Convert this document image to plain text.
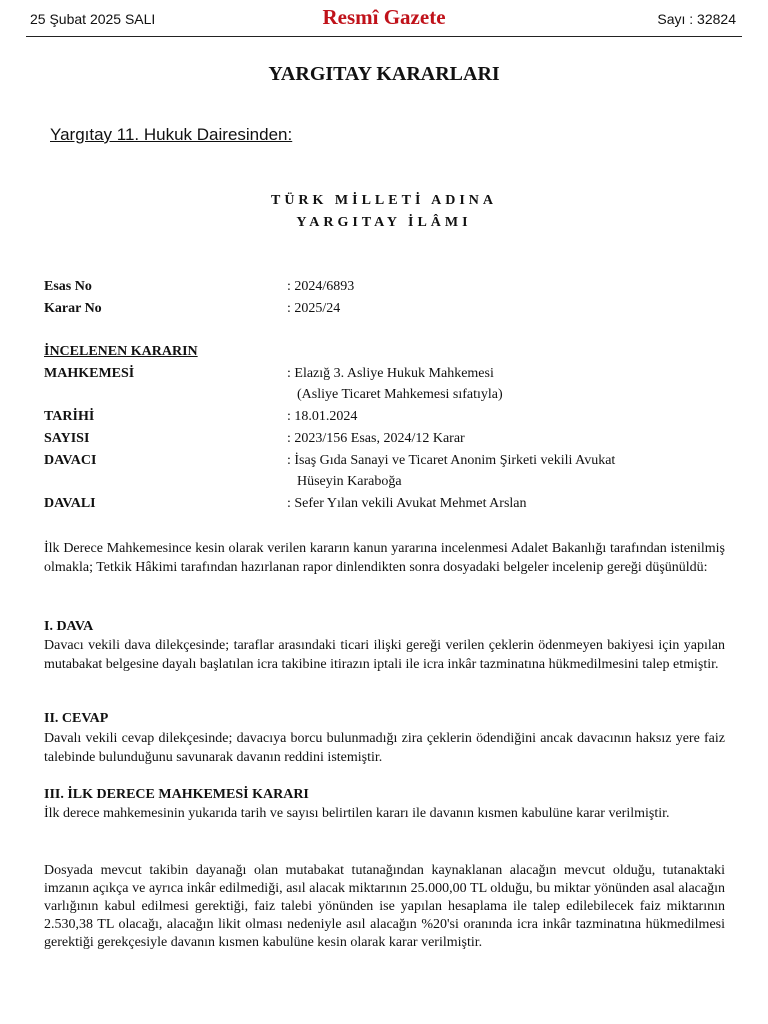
25 Şubat 2025 SALI	Resmî Gazete	Sayı : 32824
YARGITAY KARARLARI
Yargıtay 11. Hukuk Dairesinden:
TÜRK MİLLETİ ADINA
YARGITAY İLÂMI
Esas No	: 2024/6893
Karar No	: 2025/24
İNCELENEN KARARIN
MAHKEMESİ	: Elazığ 3. Asliye Hukuk Mahkemesi
(Asliye Ticaret Mahkemesi sıfatıyla)
TARİHİ	: 18.01.2024
SAYISI	: 2023/156 Esas, 2024/12 Karar
DAVACI	: İsaş Gıda Sanayi ve Ticaret Anonim Şirketi vekili Avukat
Hüseyin Karaboğa
DAVALI	: Sefer Yılan vekili Avukat Mehmet Arslan
İlk Derece Mahkemesince kesin olarak verilen kararın kanun yararına incelenmesi Adalet Bakanlığı tarafından istenilmiş olmakla; Tetkik Hâkimi tarafından hazırlanan rapor dinlendikten sonra dosyadaki belgeler incelenip gereği düşünüldü:
I. DAVA
Davacı vekili dava dilekçesinde; taraflar arasındaki ticari ilişki gereği verilen çeklerin ödenmeyen bakiyesi için yapılan mutabakat belgesine dayalı başlatılan icra takibine itirazın iptali ile icra inkâr tazminatına hükmedilmesini talep etmiştir.
II. CEVAP
Davalı vekili cevap dilekçesinde; davacıya borcu bulunmadığı zira çeklerin ödendiğini ancak davacının haksız yere faiz talebinde bulunduğunu savunarak davanın reddini istemiştir.
III. İLK DERECE MAHKEMESİ KARARI
İlk derece mahkemesinin yukarıda tarih ve sayısı belirtilen kararı ile davanın kısmen kabulüne karar verilmiştir.
Dosyada mevcut takibin dayanağı olan mutabakat tutanağından kaynaklanan alacağın mevcut olduğu, tutanaktaki imzanın açıkça ve ayrıca inkâr edilmediği, asıl alacak miktarının 25.000,00 TL olduğu, bu miktar yönünden asal alacağın varlığının kabul edilmesi gerektiği, faiz talebi yönünden ise yapılan hesaplama ile talep edilebilecek faiz miktarının 2.530,38 TL olacağı, alacağın likit olması nedeniyle asıl alacağın %20'si oranında icra inkâr tazminatına hükmedilmesi gerektiği gerekçesiyle davanın kısmen kabulüne kesin olarak karar verilmiştir.
